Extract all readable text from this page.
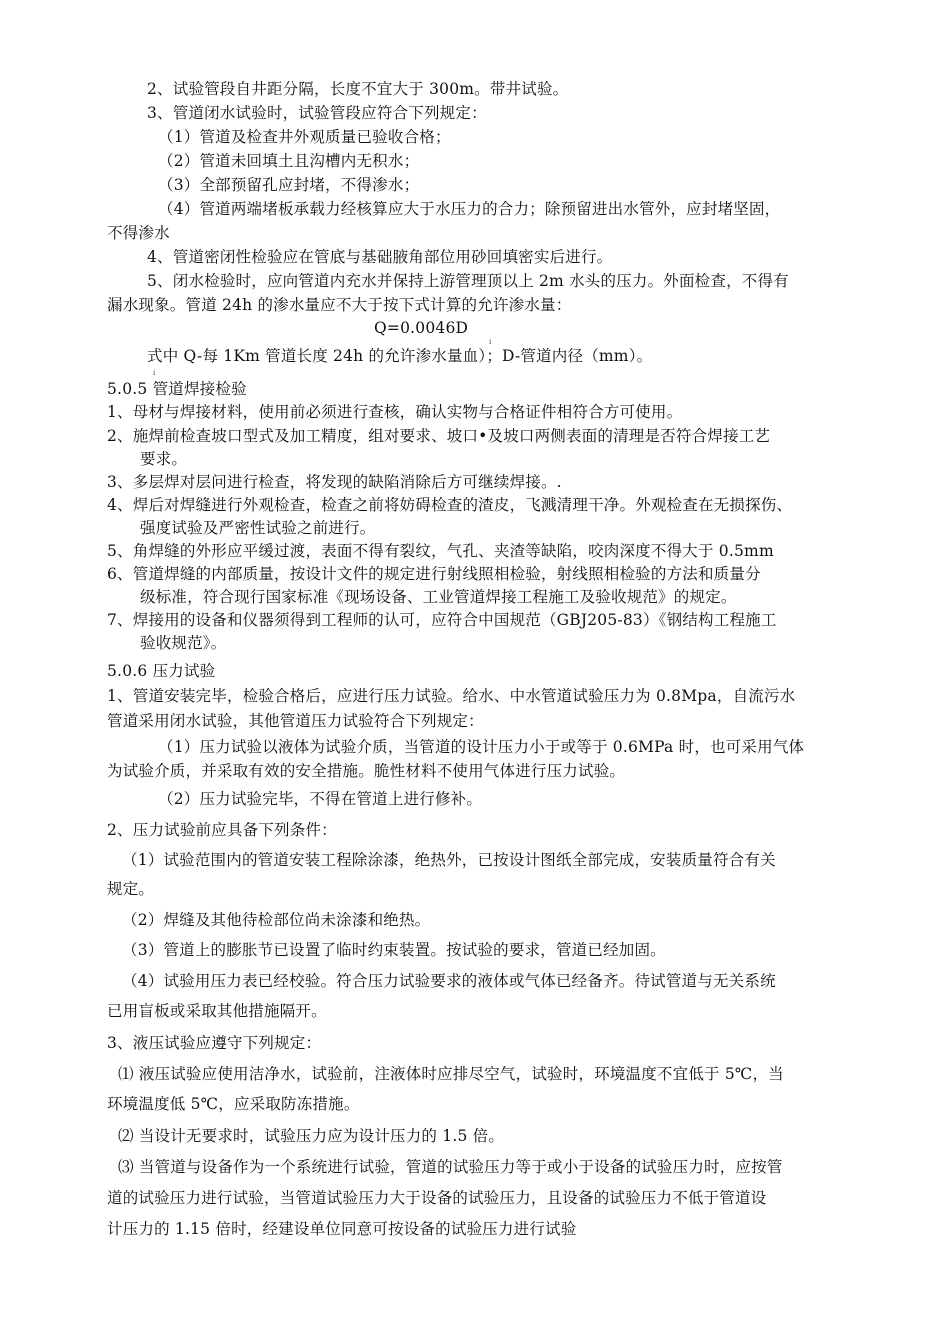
2、试验管段自井距分隔，长度不宜大于 300m。带井试验。
3、管道闭水试验时，试验管段应符合下列规定：
（1）管道及检查井外观质量已验收合格；
（2）管道未回填土且沟槽内无积水；
（3）全部预留孔应封堵，不得渗水；
（4）管道两端堵板承载力经核算应大于水压力的合力；除预留进出水管外，应封堵坚固，
不得渗水
4、管道密闭性检验应在管底与基础腋角部位用砂回填密实后进行。
5、闭水检验时，应向管道内充水并保持上游管理顶以上 2m 水头的压力。外面检查，不得有
漏水现象。管道 24h 的渗水量应不大于按下式计算的允许渗水量：
Q=0.0046D
i
式中 Q-每 1Km 管道长度 24h 的允许渗水量血）；D-管道内径（mm）。
i
5.0.5 管道焊接检验
1、母材与焊接材料，使用前必须进行查核，确认实物与合格证件相符合方可使用。
2、施焊前检查坡口型式及加工精度，组对要求、坡口•及坡口两侧表面的清理是否符合焊接工艺
要求。
3、多层焊对层问进行检查，将发现的缺陷消除后方可继续焊接。.
4、焊后对焊缝进行外观检查，检查之前将妨碍检查的渣皮，飞溅清理干净。外观检查在无损探伤、
强度试验及严密性试验之前进行。
5、角焊缝的外形应平缓过渡，表面不得有裂纹，气孔、夹渣等缺陷，咬肉深度不得大于 0.5mm
6、管道焊缝的内部质量，按设计文件的规定进行射线照相检验，射线照相检验的方法和质量分
级标准，符合现行国家标准《现场设备、工业管道焊接工程施工及验收规范》的规定。
7、焊接用的设备和仪器须得到工程师的认可，应符合中国规范（GBJ205-83）《钢结构工程施工
验收规范》。
5.0.6 压力试验
1、管道安装完毕，检验合格后，应进行压力试验。给水、中水管道试验压力为 0.8Mpa，自流污水
管道采用闭水试验，其他管道压力试验符合下列规定：
（1）压力试验以液体为试验介质，当管道的设计压力小于或等于 0.6MPa 时，也可采用气体
为试验介质，并采取有效的安全措施。脆性材料不使用气体进行压力试验。
（2）压力试验完毕，不得在管道上进行修补。
2、压力试验前应具备下列条件：
（1）试验范围内的管道安装工程除涂漆，绝热外，已按设计图纸全部完成，安装质量符合有关
规定。
（2）焊缝及其他待检部位尚未涂漆和绝热。
（3）管道上的膨胀节已设置了临时约束装置。按试验的要求，管道已经加固。
（4）试验用压力表已经校验。符合压力试验要求的液体或气体已经备齐。待试管道与无关系统
已用盲板或采取其他措施隔开。
3、液压试验应遵守下列规定：
⑴ 液压试验应使用洁净水，试验前，注液体时应排尽空气，试验时，环境温度不宜低于 5℃，当
环境温度低 5℃，应采取防冻措施。
⑵ 当设计无要求时，试验压力应为设计压力的 1.5 倍。
⑶ 当管道与设备作为一个系统进行试验，管道的试验压力等于或小于设备的试验压力时，应按管
道的试验压力进行试验，当管道试验压力大于设备的试验压力，且设备的试验压力不低于管道设
计压力的 1.15 倍时，经建设单位同意可按设备的试验压力进行试验
